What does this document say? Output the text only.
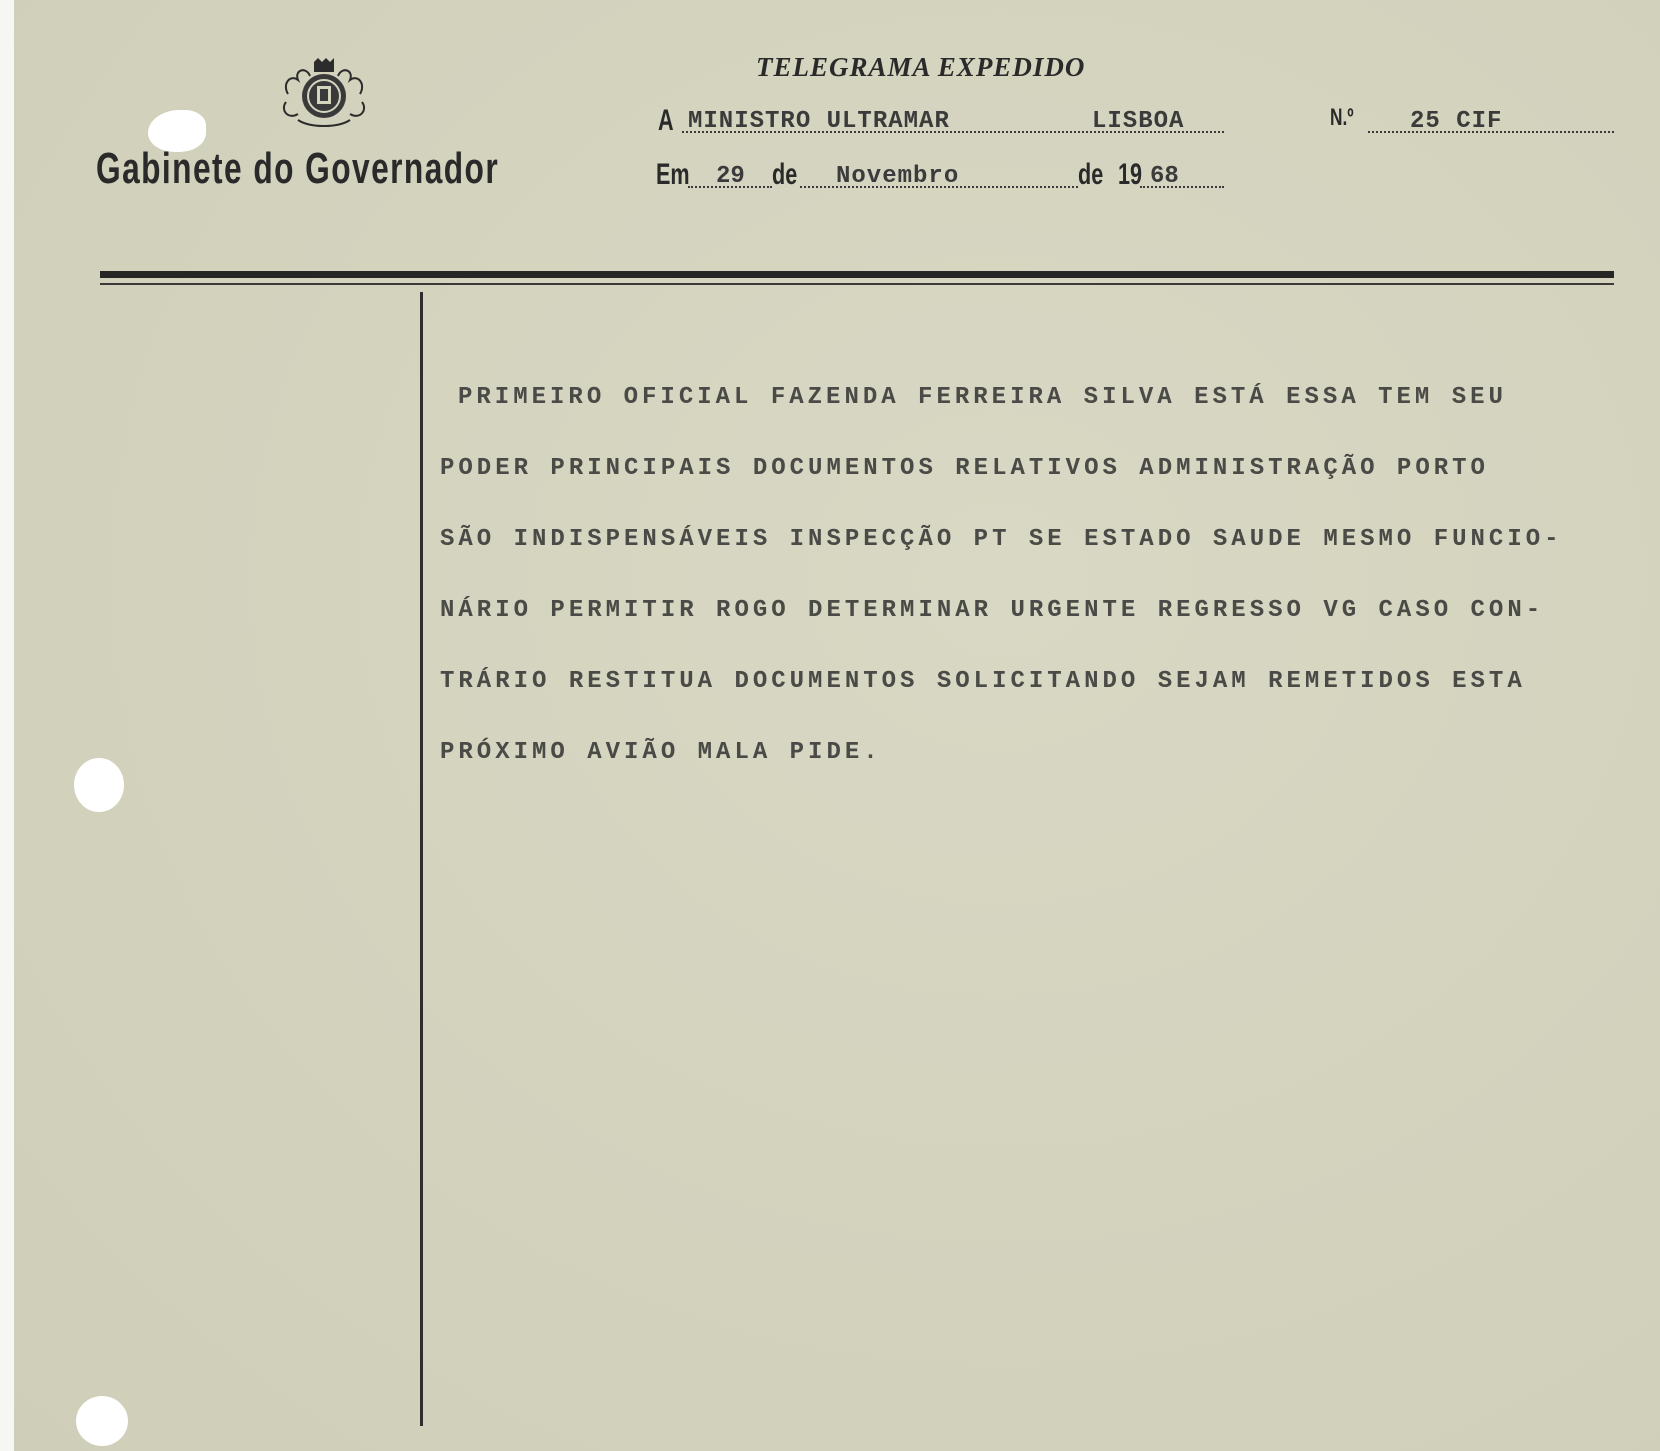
Gabinete do Governador
TELEGRAMA EXPEDIDO
A MINISTRO ULTRAMAR	LISBOA	N.º 25 CIF
Em 29 de Novembro	de 19 68
PRIMEIRO OFICIAL FAZENDA FERREIRA SILVA ESTÁ ESSA TEM SEU
PODER PRINCIPAIS DOCUMENTOS RELATIVOS ADMINISTRAÇÃO PORTO
SÃO INDISPENSÁVEIS INSPECÇÃO PT SE ESTADO SAUDE MESMO FUNCIO-
NÁRIO PERMITIR ROGO DETERMINAR URGENTE REGRESSO VG CASO CON-
TRÁRIO RESTITUA DOCUMENTOS SOLICITANDO SEJAM REMETIDOS ESTA
PRÓXIMO AVIÃO MALA PIDE.
